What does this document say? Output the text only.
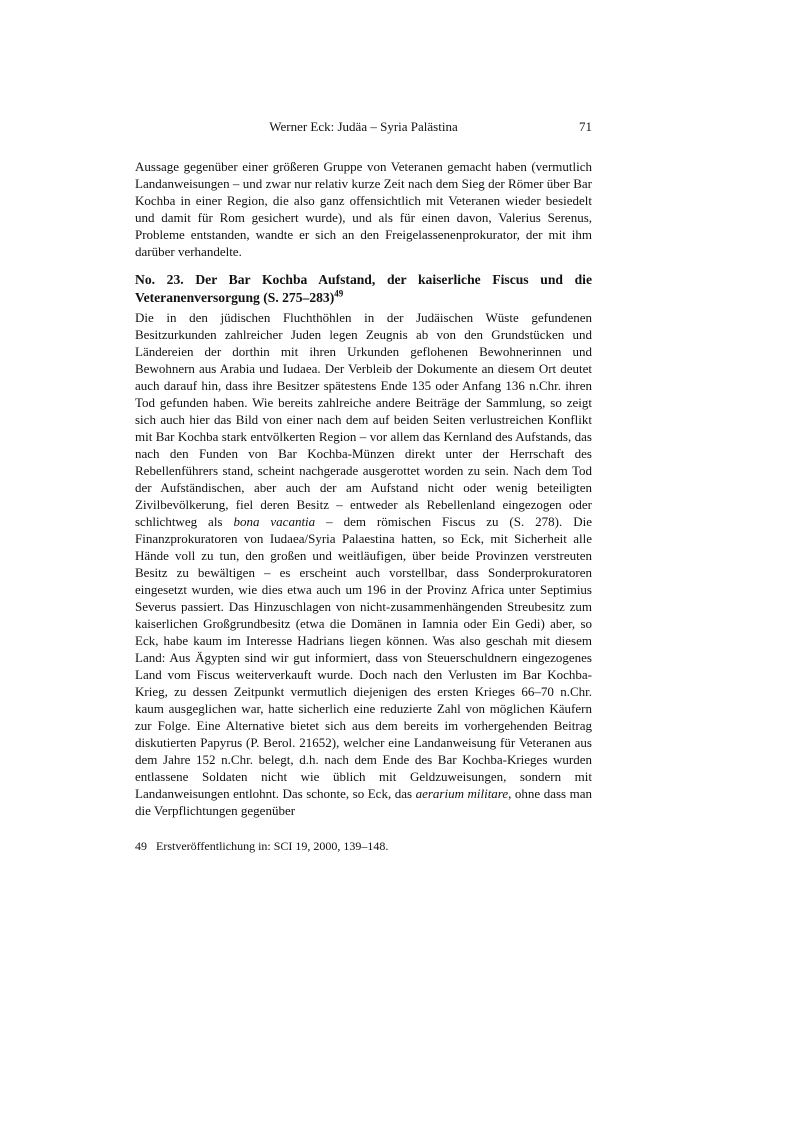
Werner Eck: Judäa – Syria Palästina	71

Aussage gegenüber einer größeren Gruppe von Veteranen gemacht haben (vermutlich Landanweisungen – und zwar nur relativ kurze Zeit nach dem Sieg der Römer über Bar Kochba in einer Region, die also ganz offensichtlich mit Veteranen wieder besiedelt und damit für Rom gesichert wurde), und als für einen davon, Valerius Serenus, Probleme entstanden, wandte er sich an den Freigelassenenprokurator, der mit ihm darüber verhandelte.

No. 23. Der Bar Kochba Aufstand, der kaiserliche Fiscus und die Veteranenversorgung (S. 275–283)$^{49}$

Die in den jüdischen Fluchthöhlen in der Judäischen Wüste gefundenen Besitzurkunden zahlreicher Juden legen Zeugnis ab von den Grundstücken und Ländereien der dorthin mit ihren Urkunden geflohenen Bewohnerinnen und Bewohnern aus Arabia und Iudaea. Der Verbleib der Dokumente an diesem Ort deutet auch darauf hin, dass ihre Besitzer spätestens Ende 135 oder Anfang 136 n.Chr. ihren Tod gefunden haben. Wie bereits zahlreiche andere Beiträge der Sammlung, so zeigt sich auch hier das Bild von einer nach dem auf beiden Seiten verlustreichen Konflikt mit Bar Kochba stark entvölkerten Region – vor allem das Kernland des Aufstands, das nach den Funden von Bar Kochba-Münzen direkt unter der Herrschaft des Rebellenführers stand, scheint nachgerade ausgerottet worden zu sein. Nach dem Tod der Aufständischen, aber auch der am Aufstand nicht oder wenig beteiligten Zivilbevölkerung, fiel deren Besitz – entweder als Rebellenland eingezogen oder schlichtweg als bona vacantia – dem römischen Fiscus zu (S. 278). Die Finanzprokuratoren von Iudaea/Syria Palaestina hatten, so Eck, mit Sicherheit alle Hände voll zu tun, den großen und weitläufigen, über beide Provinzen verstreuten Besitz zu bewältigen – es erscheint auch vorstellbar, dass Sonderprokuratoren eingesetzt wurden, wie dies etwa auch um 196 in der Provinz Africa unter Septimius Severus passiert. Das Hinzuschlagen von nicht-zusammenhängenden Streubesitz zum kaiserlichen Großgrundbesitz (etwa die Domänen in Iamnia oder Ein Gedi) aber, so Eck, habe kaum im Interesse Hadrians liegen können. Was also geschah mit diesem Land: Aus Ägypten sind wir gut informiert, dass von Steuerschuldnern eingezogenes Land vom Fiscus weiterverkauft wurde. Doch nach den Verlusten im Bar Kochba-Krieg, zu dessen Zeitpunkt vermutlich diejenigen des ersten Krieges 66–70 n.Chr. kaum ausgeglichen war, hatte sicherlich eine reduzierte Zahl von möglichen Käufern zur Folge. Eine Alternative bietet sich aus dem bereits im vorhergehenden Beitrag diskutierten Papyrus (P. Berol. 21652), welcher eine Landanweisung für Veteranen aus dem Jahre 152 n.Chr. belegt, d.h. nach dem Ende des Bar Kochba-Krieges wurden entlassene Soldaten nicht wie üblich mit Geldzuweisungen, sondern mit Landanweisungen entlohnt. Das schonte, so Eck, das aerarium militare, ohne dass man die Verpflichtungen gegenüber

49 Erstveröffentlichung in: SCI 19, 2000, 139–148.
